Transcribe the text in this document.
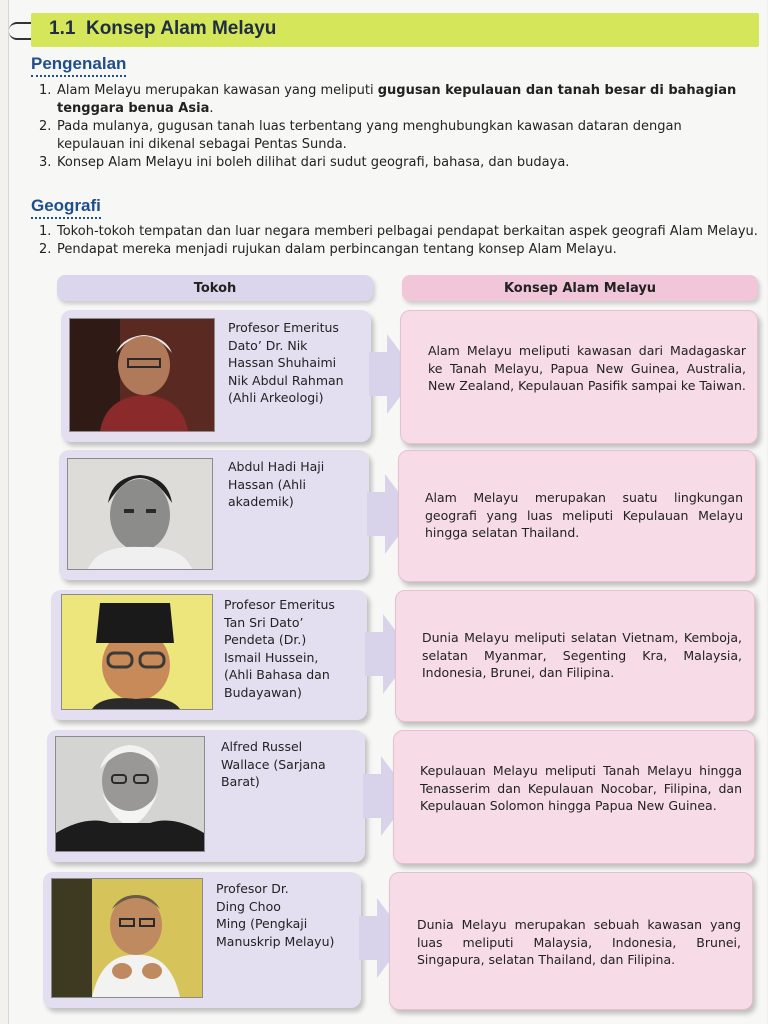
1.1 Konsep Alam Melayu
Pengenalan
1. Alam Melayu merupakan kawasan yang meliputi gugusan kepulauan dan tanah besar di bahagian tenggara benua Asia.
2. Pada mulanya, gugusan tanah luas terbentang yang menghubungkan kawasan dataran dengan kepulauan ini dikenal sebagai Pentas Sunda.
3. Konsep Alam Melayu ini boleh dilihat dari sudut geografi, bahasa, dan budaya.
Geografi
1. Tokoh-tokoh tempatan dan luar negara memberi pelbagai pendapat berkaitan aspek geografi Alam Melayu.
2. Pendapat mereka menjadi rujukan dalam perbincangan tentang konsep Alam Melayu.
Tokoh	Konsep Alam Melayu
Profesor Emeritus
Dato’ Dr. Nik
Hassan Shuhaimi
Nik Abdul Rahman
(Ahli Arkeologi)
Alam Melayu meliputi kawasan dari Madagaskar ke Tanah Melayu, Papua New Guinea, Australia, New Zealand, Kepulauan Pasifik sampai ke Taiwan.
Abdul Hadi Haji
Hassan (Ahli
akademik)	Alam Melayu merupakan suatu lingkungan geografi yang luas meliputi Kepulauan Melayu hingga selatan Thailand.
Profesor Emeritus
Tan Sri Dato’
Pendeta (Dr.)
Ismail Hussein,
(Ahli Bahasa dan
Budayawan)
Dunia Melayu meliputi selatan Vietnam, Kemboja, selatan Myanmar, Segenting Kra, Malaysia, Indonesia, Brunei, dan Filipina.
Alfred Russel
Wallace (Sarjana
Barat)
Kepulauan Melayu meliputi Tanah Melayu hingga Tenasserim dan Kepulauan Nocobar, Filipina, dan Kepulauan Solomon hingga Papua New Guinea.
Profesor Dr.
Ding Choo
Ming (Pengkaji
Manuskrip Melayu)
Dunia Melayu merupakan sebuah kawasan yang luas meliputi Malaysia, Indonesia, Brunei, Singapura, selatan Thailand, dan Filipina.
